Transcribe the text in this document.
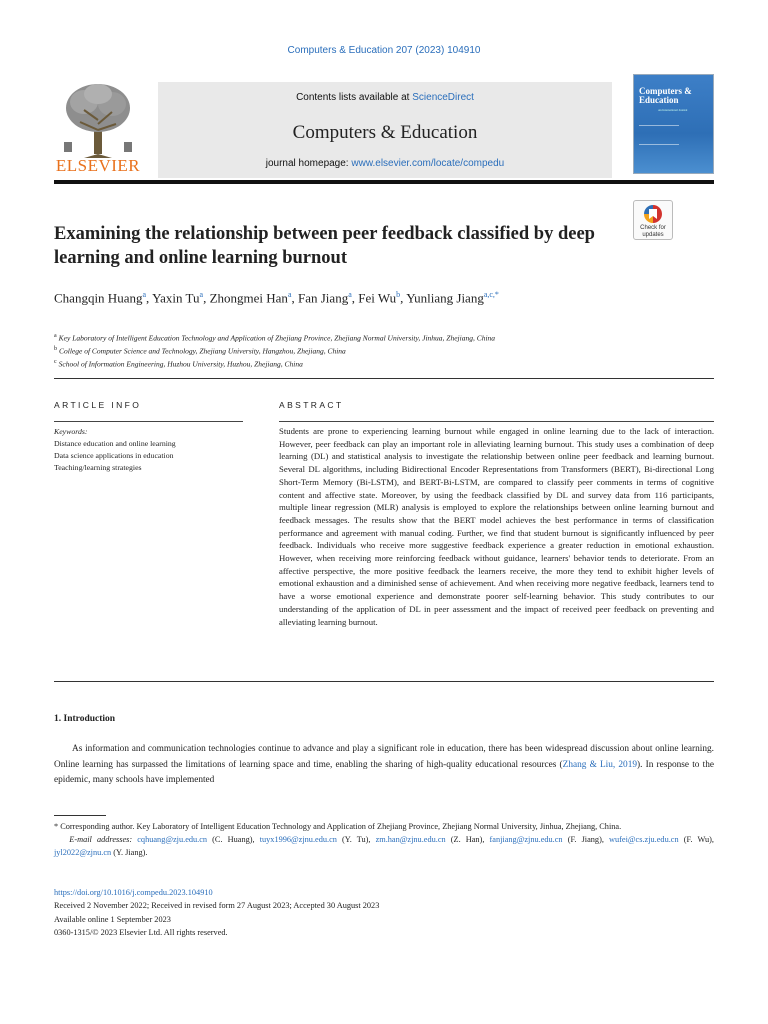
Computers & Education 207 (2023) 104910
ELSEVIER
Contents lists available at ScienceDirect
Computers & Education
journal homepage: www.elsevier.com/locate/compedu
Computers & Education
An International Journal
Examining the relationship between peer feedback classified by deep learning and online learning burnout
Check for updates
Changqin Huang$^a$, Yaxin Tu$^a$, Zhongmei Han$^a$, Fan Jiang$^a$, Fei Wu$^b$, Yunliang Jiang$^{a,c,*}$
$^a$ Key Laboratory of Intelligent Education Technology and Application of Zhejiang Province, Zhejiang Normal University, Jinhua, Zhejiang, China
$^b$ College of Computer Science and Technology, Zhejiang University, Hangzhou, Zhejiang, China
$^c$ School of Information Engineering, Huzhou University, Huzhou, Zhejiang, China
ARTICLE INFO	ABSTRACT
Keywords:
Distance education and online learning
Data science applications in education
Teaching/learning strategies

Students are prone to experiencing learning burnout while engaged in online learning due to the lack of interaction. However, peer feedback can play an important role in alleviating learning burnout. This study uses a combination of deep learning (DL) and statistical analysis to investigate the relationship between online peer feedback and learning burnout. Several DL algorithms, including Bidirectional Encoder Representations from Transformers (BERT), Bi-directional Long Short-Term Memory (Bi-LSTM), and BERT-Bi-LSTM, are compared to classify peer comments in terms of cognitive content and affective state. Moreover, by using the feedback classified by DL and survey data from 116 participants, multiple linear regression (MLR) analysis is employed to explore the relationships between online learning burnout and feedback messages. The results show that the BERT model achieves the best performance in terms of classification performance and agreement with manual coding. Further, we find that student burnout is significantly influenced by peer feedback. Individuals who receive more suggestive feedback experience a greater reduction in emotional exhaustion. However, when receiving more reinforcing feedback without guidance, learners' behavior tends to deteriorate. From an affective perspective, the more positive feedback the learners receive, the more they tend to exhibit higher levels of emotional exhaustion and a diminished sense of achievement. And when receiving more negative feedback, learners tend to have a worse emotional experience and demonstrate poorer self-learning behavior. This study contributes to our understanding of the application of DL in peer assessment and the impact of received peer feedback on preventing and alleviating learning burnout.

1. Introduction

As information and communication technologies continue to advance and play a significant role in education, there has been widespread discussion about online learning. Online learning has surpassed the limitations of learning space and time, enabling the sharing of high-quality educational resources (Zhang & Liu, 2019). In response to the epidemic, many schools have implemented

* Corresponding author. Key Laboratory of Intelligent Education Technology and Application of Zhejiang Province, Zhejiang Normal University, Jinhua, Zhejiang, China.
E-mail addresses: cqhuang@zju.edu.cn (C. Huang), tuyx1996@zjnu.edu.cn (Y. Tu), zm.han@zjnu.edu.cn (Z. Han), fanjiang@zjnu.edu.cn (F. Jiang), wufei@cs.zju.edu.cn (F. Wu), jyl2022@zjnu.cn (Y. Jiang).
https://doi.org/10.1016/j.compedu.2023.104910
Received 2 November 2022; Received in revised form 27 August 2023; Accepted 30 August 2023
Available online 1 September 2023
0360-1315/© 2023 Elsevier Ltd. All rights reserved.
